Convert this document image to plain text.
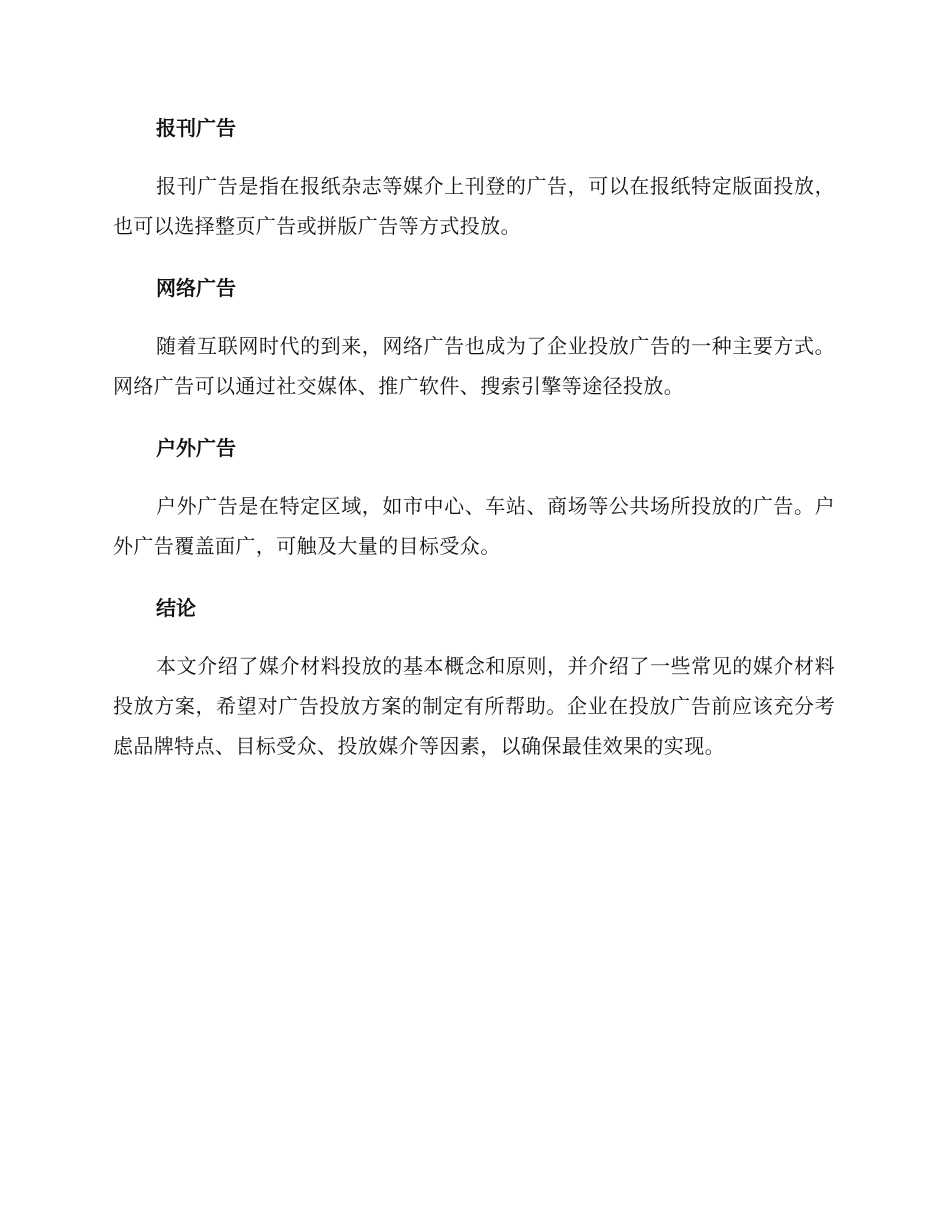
报刊广告

报刊广告是指在报纸杂志等媒介上刊登的广告，可以在报纸特定版面投放，也可以选择整页广告或拼版广告等方式投放。

网络广告

随着互联网时代的到来，网络广告也成为了企业投放广告的一种主要方式。网络广告可以通过社交媒体、推广软件、搜索引擎等途径投放。

户外广告

户外广告是在特定区域，如市中心、车站、商场等公共场所投放的广告。户外广告覆盖面广，可触及大量的目标受众。

结论

本文介绍了媒介材料投放的基本概念和原则，并介绍了一些常见的媒介材料投放方案，希望对广告投放方案的制定有所帮助。企业在投放广告前应该充分考虑品牌特点、目标受众、投放媒介等因素，以确保最佳效果的实现。
